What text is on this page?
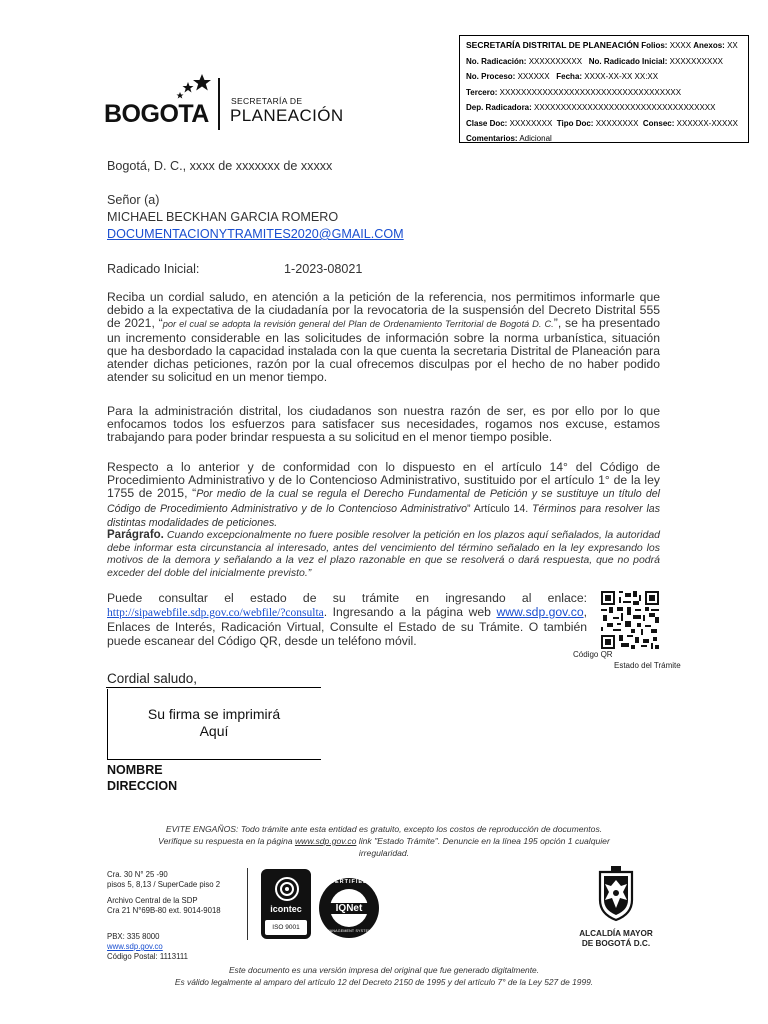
SECRETARÍA DISTRITAL DE PLANEACIÓN Folios: XXXX Anexos: XX
No. Radicación: XXXXXXXXXX No. Radicado Inicial: XXXXXXXXXX
No. Proceso: XXXXXX Fecha: XXXX-XX-XX XX:XX
Tercero: XXXXXXXXXXXXXXXXXXXXXXXXXXXXXXXXXX
Dep. Radicadora: XXXXXXXXXXXXXXXXXXXXXXXXXXXXXXXXXX
Clase Doc: XXXXXXXX Tipo Doc: XXXXXXXX Consec: XXXXXX-XXXXX
Comentarios: Adicional
BOGOTA	SECRETARÍA DE
PLANEACIÓN
Bogotá, D. C., xxxx de xxxxxxx de xxxxx
Señor (a)
MICHAEL BECKHAN GARCIA ROMERO
DOCUMENTACIONYTRAMITES2020@GMAIL.COM
Radicado Inicial:	1-2023-08021
Reciba un cordial saludo, en atención a la petición de la referencia, nos permitimos informarle que debido a la expectativa de la ciudadanía por la revocatoria de la suspensión del Decreto Distrital 555 de 2021, “por el cual se adopta la revisión general del Plan de Ordenamiento Territorial de Bogotá D. C.”, se ha presentado un incremento considerable en las solicitudes de información sobre la norma urbanística, situación que ha desbordado la capacidad instalada con la que cuenta la secretaria Distrital de Planeación para atender dichas peticiones, razón por la cual ofrecemos disculpas por el hecho de no haber podido atender su solicitud en un menor tiempo.
Para la administración distrital, los ciudadanos son nuestra razón de ser, es por ello por lo que enfocamos todos los esfuerzos para satisfacer sus necesidades, rogamos nos excuse, estamos trabajando para poder brindar respuesta a su solicitud en el menor tiempo posible.
Respecto a lo anterior y de conformidad con lo dispuesto en el artículo 14° del Código de Procedimiento Administrativo y de lo Contencioso Administrativo, sustituido por el artículo 1° de la ley 1755 de 2015, “Por medio de la cual se regula el Derecho Fundamental de Petición y se sustituye un título del Código de Procedimiento Administrativo y de lo Contencioso Administrativo” Artículo 14. Términos para resolver las distintas modalidades de peticiones.
Parágrafo. Cuando excepcionalmente no fuere posible resolver la petición en los plazos aquí señalados, la autoridad debe informar esta circunstancia al interesado, antes del vencimiento del término señalado en la ley expresando los motivos de la demora y señalando a la vez el plazo razonable en que se resolverá o dará respuesta, que no podrá exceder del doble del inicialmente previsto.”
Puede consultar el estado de su trámite en ingresando al enlace: http://sipawebfile.sdp.gov.co/webfile/?consulta. Ingresando a la página web www.sdp.gov.co, Enlaces de Interés, Radicación Virtual, Consulte el Estado de su Trámite. O también puede escanear del Código QR, desde un teléfono móvil.
Código QR
Estado del Trámite
Cordial saludo,
Su firma se imprimirá
Aquí
NOMBRE
DIRECCION
EVITE ENGAÑOS: Todo trámite ante esta entidad es gratuito, excepto los costos de reproducción de documentos.
Verifique su respuesta en la página www.sdp.gov.co link "Estado Trámite". Denuncie en la línea 195 opción 1 cualquier
irregularidad.
Cra. 30 N° 25 -90
pisos 5, 8,13 / SuperCade piso 2
Archivo Central de la SDP
Cra 21 N°69B-80 ext. 9014-9018
PBX: 335 8000
www.sdp.gov.co
Código Postal: 1113111
icontec
ISO 9001
CERTIFIED
IQNet
MANAGEMENT SYSTEM	ALCALDÍA MAYOR
DE BOGOTÁ D.C.
Este documento es una versión impresa del original que fue generado digitalmente.
Es válido legalmente al amparo del artículo 12 del Decreto 2150 de 1995 y del artículo 7° de la Ley 527 de 1999.
